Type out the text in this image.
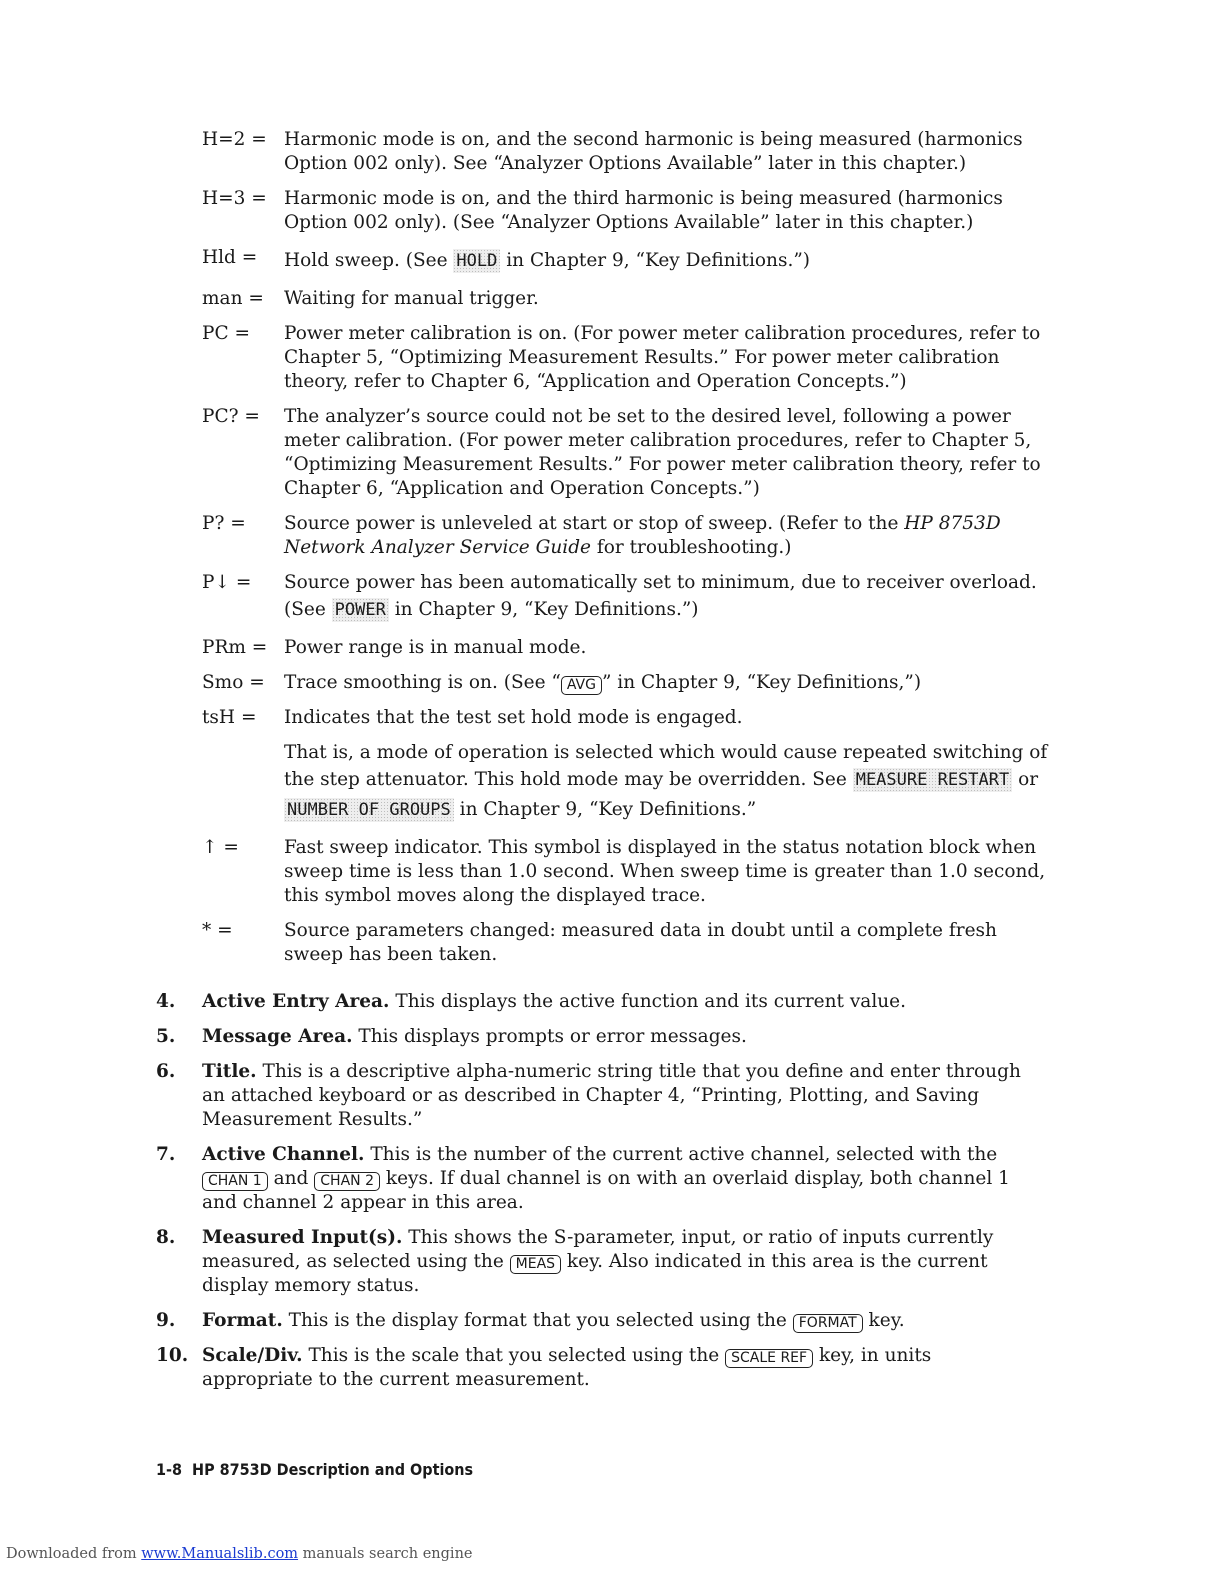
H=2 = Harmonic mode is on, and the second harmonic is being measured (harmonics Option 002 only). See “Analyzer Options Available” later in this chapter.)
H=3 = Harmonic mode is on, and the third harmonic is being measured (harmonics Option 002 only). (See “Analyzer Options Available” later in this chapter.)
Hld =	Hold sweep. (See HOLD in Chapter 9, “Key Definitions.”)
man =	Waiting for manual trigger.
PC =	Power meter calibration is on. (For power meter calibration procedures, refer to Chapter 5, “Optimizing Measurement Results.” For power meter calibration theory, refer to Chapter 6, “Application and Operation Concepts.”)
PC? =	The analyzer’s source could not be set to the desired level, following a power meter calibration. (For power meter calibration procedures, refer to Chapter 5, “Optimizing Measurement Results.” For power meter calibration theory, refer to Chapter 6, “Application and Operation Concepts.”)
P? =	Source power is unleveled at start or stop of sweep. (Refer to the HP 8753D Network Analyzer Service Guide for troubleshooting.)
P↓ =	Source power has been automatically set to minimum, due to receiver overload. (See POWER in Chapter 9, “Key Definitions.”)
PRm = Power range is in manual mode.
Smo =	Trace smoothing is on. (See “ AVG ” in Chapter 9, “Key Definitions,”)
tsH =	Indicates that the test set hold mode is engaged.

That is, a mode of operation is selected which would cause repeated switching of the step attenuator. This hold mode may be overridden. See MEASURE RESTART or NUMBER OF GROUPS in Chapter 9, “Key Definitions.”

↑ =	Fast sweep indicator. This symbol is displayed in the status notation block when sweep time is less than 1.0 second. When sweep time is greater than 1.0 second, this symbol moves along the displayed trace.
* =	Source parameters changed: measured data in doubt until a complete fresh sweep has been taken.
4.	Active Entry Area. This displays the active function and its current value.
5.	Message Area. This displays prompts or error messages.
6.	Title. This is a descriptive alpha-numeric string title that you define and enter through an attached keyboard or as described in Chapter 4, “Printing, Plotting, and Saving Measurement Results.”
7.	Active Channel. This is the number of the current active channel, selected with the CHAN 1 and CHAN 2 keys. If dual channel is on with an overlaid display, both channel 1 and channel 2 appear in this area.
8.	Measured Input(s). This shows the S-parameter, input, or ratio of inputs currently measured, as selected using the MEAS key. Also indicated in this area is the current display memory status.
9.	Format. This is the display format that you selected using the FORMAT key.
10. Scale/Div. This is the scale that you selected using the SCALE REF key, in units appropriate to the current measurement.
1-8 HP 8753D Description and Options
Downloaded from www.Manualslib.com manuals search engine
